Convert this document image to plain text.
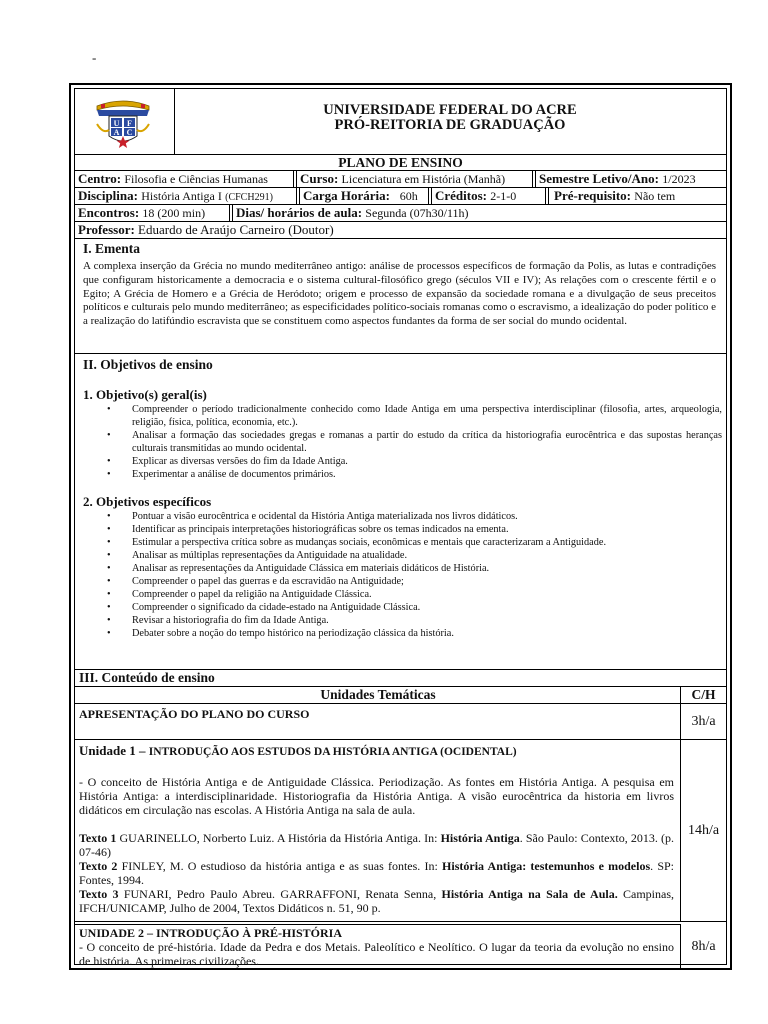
-
U F
A C
UNIVERSIDADE FEDERAL DO ACRE
PRÓ-REITORIA DE GRADUAÇÃO
PLANO DE ENSINO
Centro: Filosofia e Ciências Humanas Curso: Licenciatura em História (Manhã)	Semestre Letivo/Ano: 1/2023
Disciplina: História Antiga I (CFCH291) Carga Horária: 60h Créditos: 2-1-0	Pré-requisito: Não tem
Encontros: 18 (200 min) Dias/ horários de aula: Segunda (07h30/11h)
Professor: Eduardo de Araújo Carneiro (Doutor)
I. Ementa

A complexa inserção da Grécia no mundo mediterrâneo antigo: análise de processos específicos de formação da Polis, as lutas e contradições que configuram historicamente a democracia e o sistema cultural-filosófico grego (séculos VII e IV); As relações com o crescente fértil e o Egito; A Grécia de Homero e a Grécia de Heródoto; origem e processo de expansão da sociedade romana e a divulgação de seus preceitos políticos e culturais pelo mundo mediterrâneo; as especificidades político-sociais romanas como o escravismo, a idealização do poder político e a realização do latifúndio escravista que se constituem como aspectos fundantes da forma de ser social do mundo ocidental.

II. Objetivos de ensino
1. Objetivo(s) geral(is)
• Compreender o período tradicionalmente conhecido como Idade Antiga em uma perspectiva interdisciplinar (filosofia, artes, arqueologia, religião, física, política, economia, etc.).
• Analisar a formação das sociedades gregas e romanas a partir do estudo da crítica da historiografia eurocêntrica e das supostas heranças culturais transmitidas ao mundo ocidental.
• Explicar as diversas versões do fim da Idade Antiga.
• Experimentar a análise de documentos primários.
2. Objetivos específicos
• Pontuar a visão eurocêntrica e ocidental da História Antiga materializada nos livros didáticos.
• Identificar as principais interpretações historiográficas sobre os temas indicados na ementa.
• Estimular a perspectiva crítica sobre as mudanças sociais, econômicas e mentais que caracterizaram a Antiguidade.
• Analisar as múltiplas representações da Antiguidade na atualidade.
• Analisar as representações da Antiguidade Clássica em materiais didáticos de História.
• Compreender o papel das guerras e da escravidão na Antiguidade;
• Compreender o papel da religião na Antiguidade Clássica.
• Compreender o significado da cidade-estado na Antiguidade Clássica.
• Revisar a historiografia do fim da Idade Antiga.
• Debater sobre a noção do tempo histórico na periodização clássica da história.
III. Conteúdo de ensino
Unidades Temáticas	C/H
APRESENTAÇÃO DO PLANO DO CURSO	3h/a
Unidade 1 – INTRODUÇÃO AOS ESTUDOS DA HISTÓRIA ANTIGA (OCIDENTAL)

- O conceito de História Antiga e de Antiguidade Clássica. Periodização. As fontes em História Antiga. A pesquisa em História Antiga: a interdisciplinaridade. Historiografia da História Antiga. A visão eurocêntrica da historia em livros didáticos em circulação nas escolas. A História Antiga na sala de aula.

Texto 1 GUARINELLO, Norberto Luiz. A História da História Antiga. In: História Antiga. São Paulo: Contexto, 2013. (p. 07-46)

Texto 2 FINLEY, M. O estudioso da história antiga e as suas fontes. In: História Antiga: testemunhos e modelos. SP: Fontes, 1994.

Texto 3 FUNARI, Pedro Paulo Abreu. GARRAFFONI, Renata Senna, História Antiga na Sala de Aula. Campinas, IFCH/UNICAMP, Julho de 2004, Textos Didáticos n. 51, 90 p.

14h/a
UNIDADE 2 – INTRODUÇÃO À PRÉ-HISTÓRIA

- O conceito de pré-história. Idade da Pedra e dos Metais. Paleolítico e Neolítico. O lugar da teoria da evolução no ensino de história. As primeiras civilizações.

8h/a
